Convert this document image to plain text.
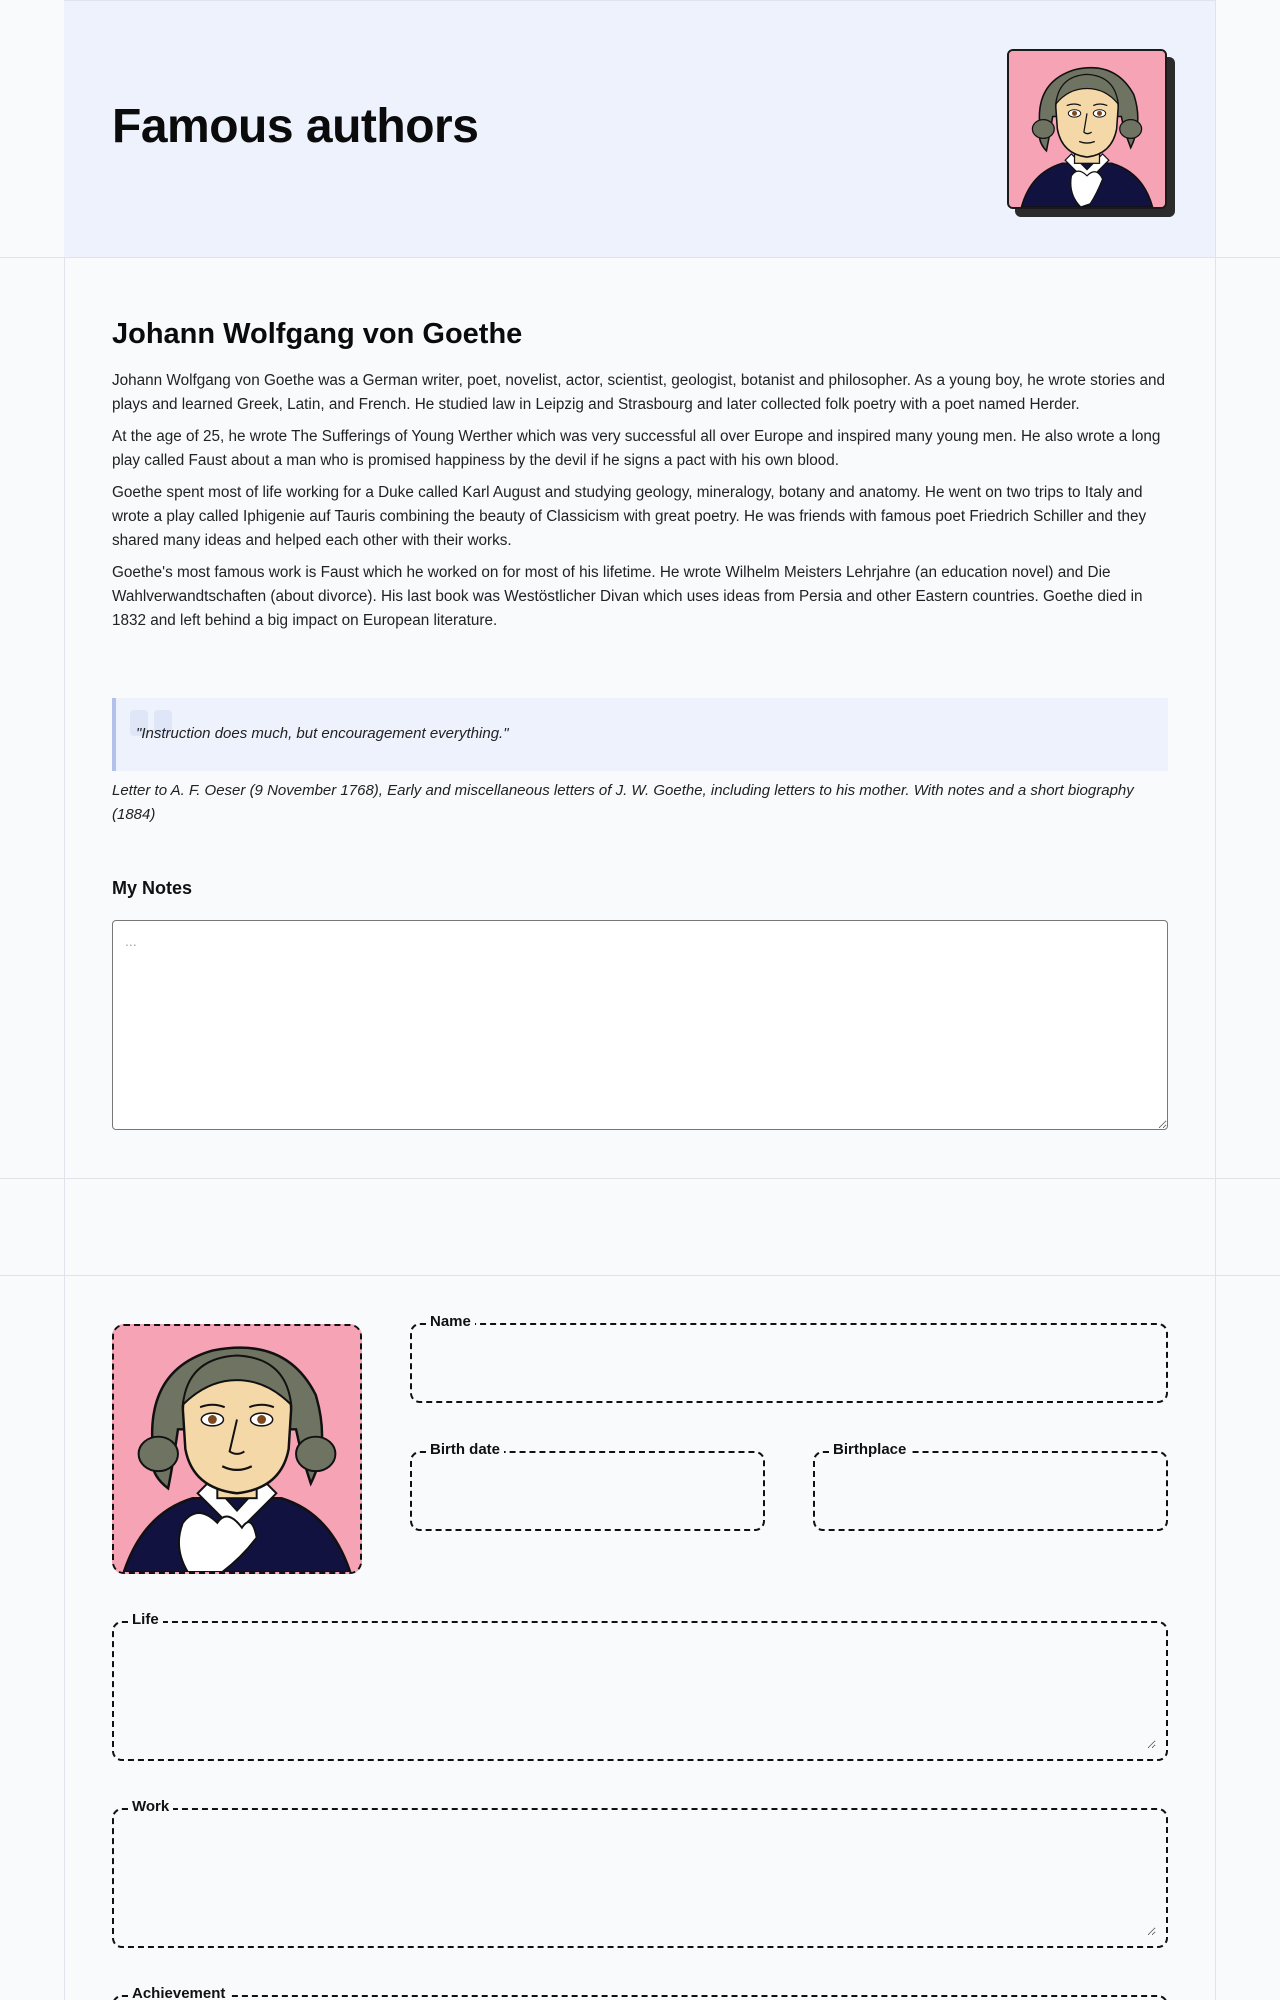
Famous authors
Johann Wolfgang von Goethe

Johann Wolfgang von Goethe was a German writer, poet, novelist, actor, scientist, geologist, botanist and philosopher. As a young boy, he wrote stories and plays and learned Greek, Latin, and French. He studied law in Leipzig and Strasbourg and later collected folk poetry with a poet named Herder.

At the age of 25, he wrote The Sufferings of Young Werther which was very successful all over Europe and inspired many young men. He also wrote a long play called Faust about a man who is promised happiness by the devil if he signs a pact with his own blood.

Goethe spent most of life working for a Duke called Karl August and studying geology, mineralogy, botany and anatomy. He went on two trips to Italy and wrote a play called Iphigenie auf Tauris combining the beauty of Classicism with great poetry. He was friends with famous poet Friedrich Schiller and they shared many ideas and helped each other with their works.

Goethe's most famous work is Faust which he worked on for most of his lifetime. He wrote Wilhelm Meisters Lehrjahre (an education novel) and Die Wahlverwandtschaften (about divorce). His last book was Westöstlicher Divan which uses ideas from Persia and other Eastern countries. Goethe died in 1832 and left behind a big impact on European literature.

"Instruction does much, but encouragement everything."
Letter to A. F. Oeser (9 November 1768), Early and miscellaneous letters of J. W. Goethe, including letters to his mother. With notes and a short biography (1884)
My Notes
...
Name
Birth date	Birthplace
Life
Work
Achievement
